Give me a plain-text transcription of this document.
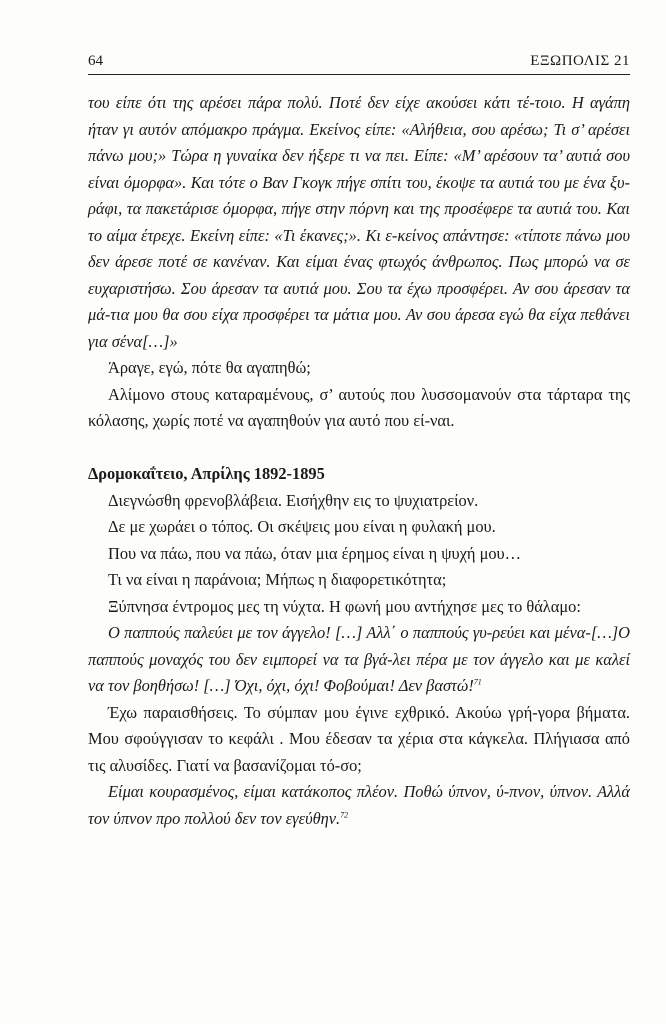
64	ΕΞΩΠΟΛΙΣ 21

του είπε ότι της αρέσει πάρα πολύ. Ποτέ δεν είχε ακούσει κάτι τέ-τοιο. Η αγάπη ήταν γι αυτόν απόμακρο πράγμα. Εκείνος είπε: «Αλήθεια, σου αρέσω; Τι σ’ αρέσει πάνω μου;» Τώρα η γυναίκα δεν ήξερε τι να πει. Είπε: «Μ’ αρέσουν τα’ αυτιά σου είναι όμορφα». Και τότε ο Βαν Γκογκ πήγε σπίτι του, έκοψε τα αυτιά του με ένα ξυ-ράφι, τα πακετάρισε όμορφα, πήγε στην πόρνη και της προσέφερε τα αυτιά του. Και το αίμα έτρεχε. Εκείνη είπε: «Τι έκανες;». Κι ε-κείνος απάντησε: «τίποτε πάνω μου δεν άρεσε ποτέ σε κανέναν. Και είμαι ένας φτωχός άνθρωπος. Πως μπορώ να σε ευχαριστήσω. Σου άρεσαν τα αυτιά μου. Σου τα έχω προσφέρει. Αν σου άρεσαν τα μά-τια μου θα σου είχα προσφέρει τα μάτια μου. Αν σου άρεσα εγώ θα είχα πεθάνει για σένα[…]»

Άραγε, εγώ, πότε θα αγαπηθώ;

Αλίμονο στους καταραμένους, σ’ αυτούς που λυσσομανούν στα τάρταρα της κόλασης, χωρίς ποτέ να αγαπηθούν για αυτό που εί-ναι.

Δρομοκαΐτειο, Απρίλης 1892-1895

Διεγνώσθη φρενοβλάβεια. Εισήχθην εις το ψυχιατρείον.

Δε με χωράει ο τόπος. Οι σκέψεις μου είναι η φυλακή μου.

Που να πάω, που να πάω, όταν μια έρημος είναι η ψυχή μου…

Τι να είναι η παράνοια; Μήπως η διαφορετικότητα;

Ξύπνησα έντρομος μες τη νύχτα. Η φωνή μου αντήχησε μες το θάλαμο:

Ο παππούς παλεύει με τον άγγελο! […] Αλλ΄ ο παππούς γυ-ρεύει και μένα-[…]Ο παππούς μοναχός του δεν ειμπορεί να τα βγά-λει πέρα με τον άγγελο και με καλεί να τον βοηθήσω! […] Όχι, όχι, όχι! Φοβούμαι! Δεν βαστώ!$^{71}$

Έχω παραισθήσεις. Το σύμπαν μου έγινε εχθρικό. Ακούω γρή-γορα βήματα. Μου σφούγγισαν το κεφάλι . Μου έδεσαν τα χέρια στα κάγκελα. Πλήγιασα από τις αλυσίδες. Γιατί να βασανίζομαι τό-σο;

Είμαι κουρασμένος, είμαι κατάκοπος πλέον. Ποθώ ύπνον, ύ-πνον, ύπνον. Αλλά τον ύπνον προ πολλού δεν τον εγεύθην.$^{72}$
